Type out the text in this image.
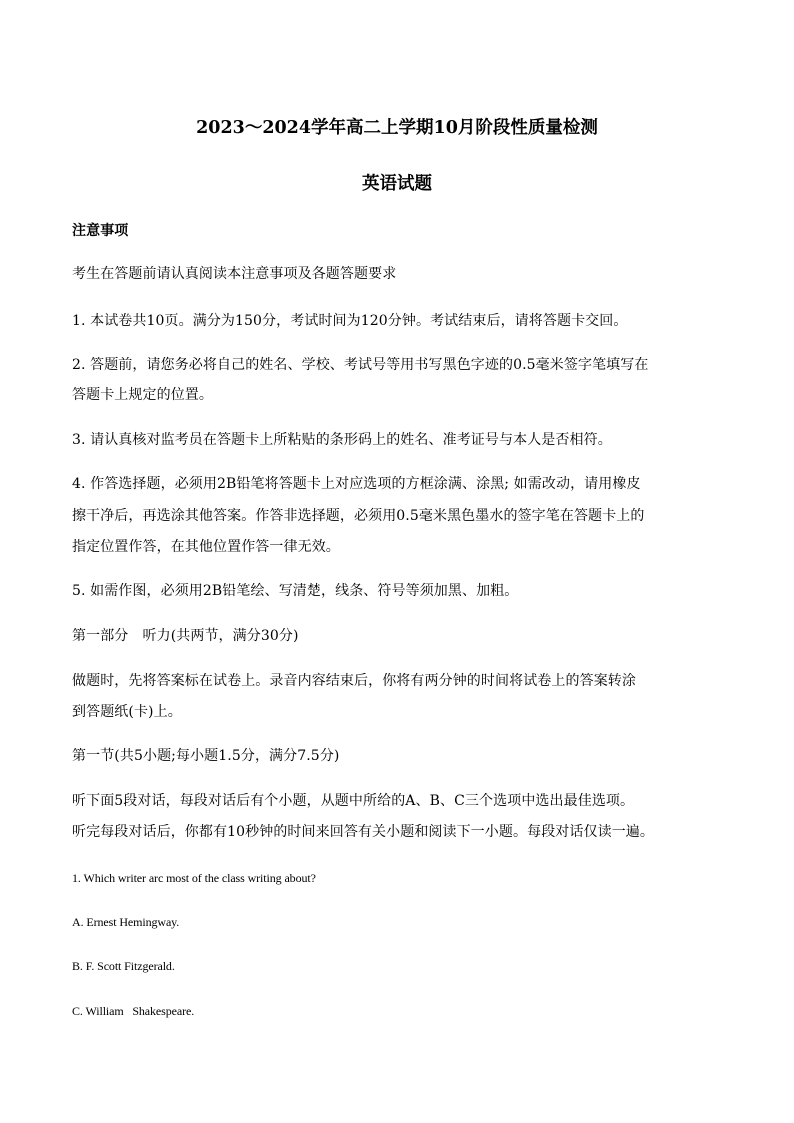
2023～2024学年高二上学期10月阶段性质量检测
英语试题
注意事项
考生在答题前请认真阅读本注意事项及各题答题要求
1. 本试卷共10页。满分为150分，考试时间为120分钟。考试结束后，请将答题卡交回。
2. 答题前，请您务必将自己的姓名、学校、考试号等用书写黑色字迹的0.5毫米签字笔填写在
答题卡上规定的位置。
3. 请认真核对监考员在答题卡上所粘贴的条形码上的姓名、准考证号与本人是否相符。
4. 作答选择题，必须用2B铅笔将答题卡上对应选项的方框涂满、涂黑; 如需改动，请用橡皮
擦干净后，再选涂其他答案。作答非选择题，必须用0.5毫米黑色墨水的签字笔在答题卡上的
指定位置作答，在其他位置作答一律无效。
5. 如需作图，必须用2B铅笔绘、写清楚，线条、符号等须加黑、加粗。
第一部分　听力(共两节，满分30分)
做题时，先将答案标在试卷上。录音内容结束后，你将有两分钟的时间将试卷上的答案转涂
到答题纸(卡)上。
第一节(共5小题;每小题1.5分，满分7.5分)
听下面5段对话，每段对话后有个小题，从题中所给的A、B、C三个选项中选出最佳选项。
听完每段对话后，你都有10秒钟的时间来回答有关小题和阅读下一小题。每段对话仅读一遍。
1. Which writer arc most of the class writing about?
A. Ernest Hemingway.
B. F. Scott Fitzgerald.
C. William   Shakespeare.
